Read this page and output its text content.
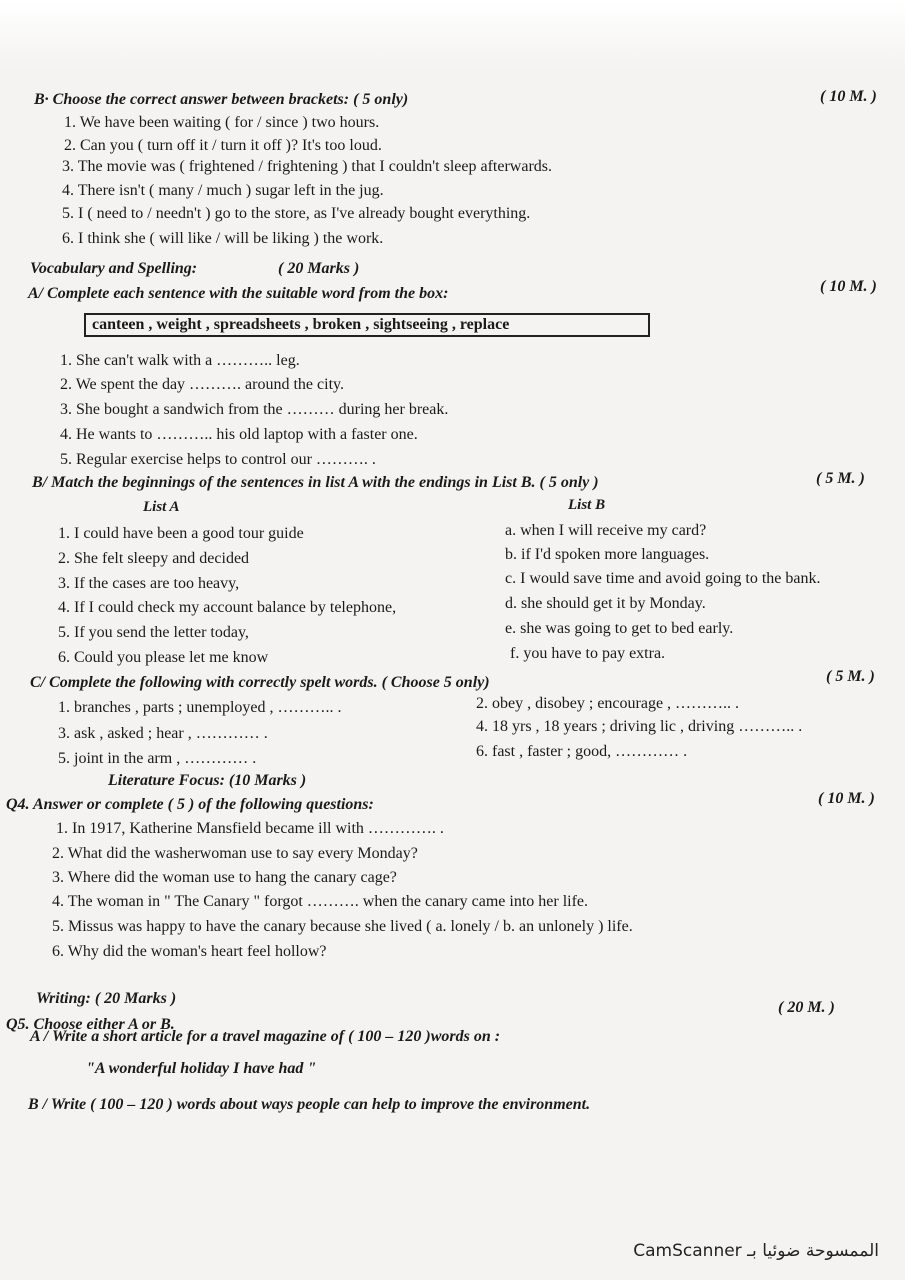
B· Choose the correct answer between brackets: ( 5 only)	( 10 M. )
1. We have been waiting ( for / since ) two hours.
2. Can you ( turn off it / turn it off )? It's too loud.
3. The movie was ( frightened / frightening ) that I couldn't sleep afterwards.
4. There isn't ( many / much ) sugar left in the jug.
5. I ( need to / needn't ) go to the store, as I've already bought everything.
6. I think she ( will like / will be liking ) the work.
Vocabulary and Spelling:	( 20 Marks )
A/ Complete each sentence with the suitable word from the box:	( 10 M. )
canteen , weight , spreadsheets , broken , sightseeing , replace
1. She can't walk with a ……….. leg.
2. We spent the day ………. around the city.
3. She bought a sandwich from the ……… during her break.
4. He wants to ……….. his old laptop with a faster one.
5. Regular exercise helps to control our ………. .
B/ Match the beginnings of the sentences in list A with the endings in List B. ( 5 only )	( 5 M. )
List A	List B
1. I could have been a good tour guide
2. She felt sleepy and decided
3. If the cases are too heavy,
4. If I could check my account balance by telephone,
5. If you send the letter today,
6. Could you please let me know
a. when I will receive my card?
b. if I'd spoken more languages.
c. I would save time and avoid going to the bank.
d. she should get it by Monday.
e. she was going to get to bed early.
f. you have to pay extra.
C/ Complete the following with correctly spelt words. ( Choose 5 only)	( 5 M. )
1. branches , parts ; unemployed , ……….. .
3. ask , asked ; hear , ………… .
5. joint in the arm , ………… .
2. obey , disobey ; encourage , ……….. .
4. 18 yrs , 18 years ; driving lic , driving ……….. .
6. fast , faster ; good, ………… .
Literature Focus: (10 Marks )
Q4. Answer or complete ( 5 ) of the following questions:	( 10 M. )
1. In 1917, Katherine Mansfield became ill with …………. .
2. What did the washerwoman use to say every Monday?
3. Where did the woman use to hang the canary cage?
4. The woman in " The Canary " forgot ………. when the canary came into her life.
5. Missus was happy to have the canary because she lived ( a. lonely / b. an unlonely ) life.
6. Why did the woman's heart feel hollow?
Writing: ( 20 Marks )
( 20 M. )
Q5. Choose either A or B.
A / Write a short article for a travel magazine of ( 100 – 120 )words on :
"A wonderful holiday I have had "
B / Write ( 100 – 120 ) words about ways people can help to improve the environment.
CamScanner الممسوحة ضوئيا بـ
